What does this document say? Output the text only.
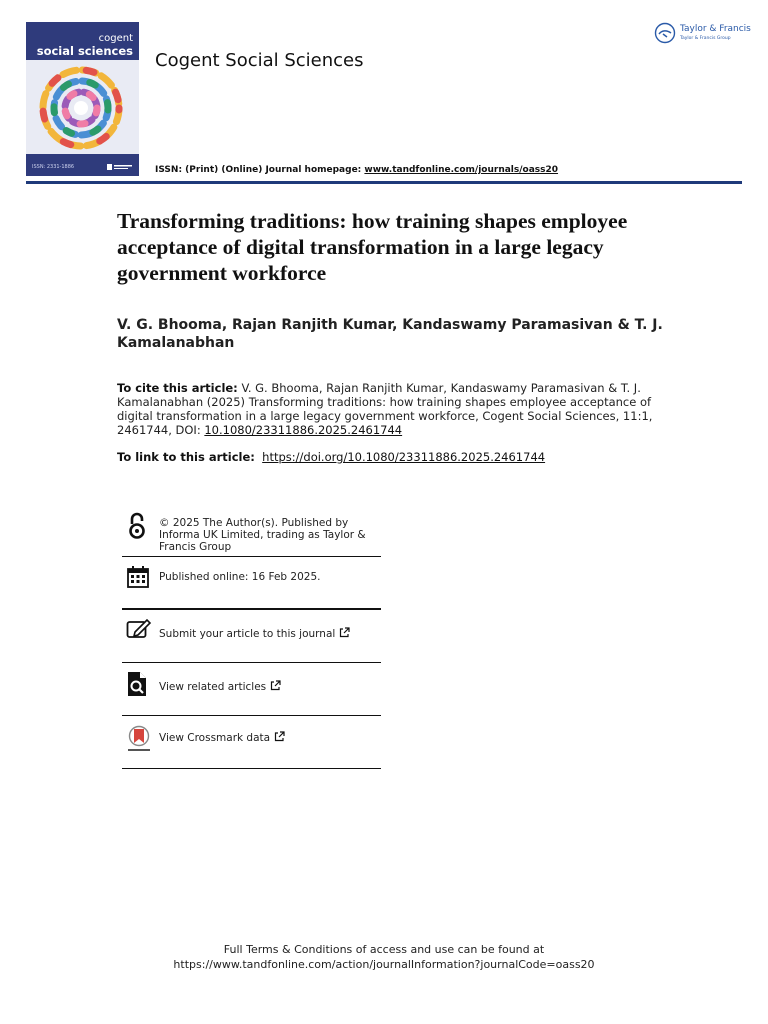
cogent
social sciences
ISSN: 2331-1886
Cogent Social Sciences
ISSN: (Print) (Online) Journal homepage: www.tandfonline.com/journals/oass20
Taylor & Francis
Taylor & Francis Group
Transforming traditions: how training shapes employee acceptance of digital transformation in a large legacy government workforce
V. G. Bhooma, Rajan Ranjith Kumar, Kandaswamy Paramasivan & T. J. Kamalanabhan
To cite this article: V. G. Bhooma, Rajan Ranjith Kumar, Kandaswamy Paramasivan & T. J. Kamalanabhan (2025) Transforming traditions: how training shapes employee acceptance of digital transformation in a large legacy government workforce, Cogent Social Sciences, 11:1, 2461744, DOI: 10.1080/23311886.2025.2461744
To link to this article: https://doi.org/10.1080/23311886.2025.2461744
© 2025 The Author(s). Published by Informa UK Limited, trading as Taylor & Francis Group
Published online: 16 Feb 2025.
Submit your article to this journal
View related articles
View Crossmark data
Full Terms & Conditions of access and use can be found at
https://www.tandfonline.com/action/journalInformation?journalCode=oass20
